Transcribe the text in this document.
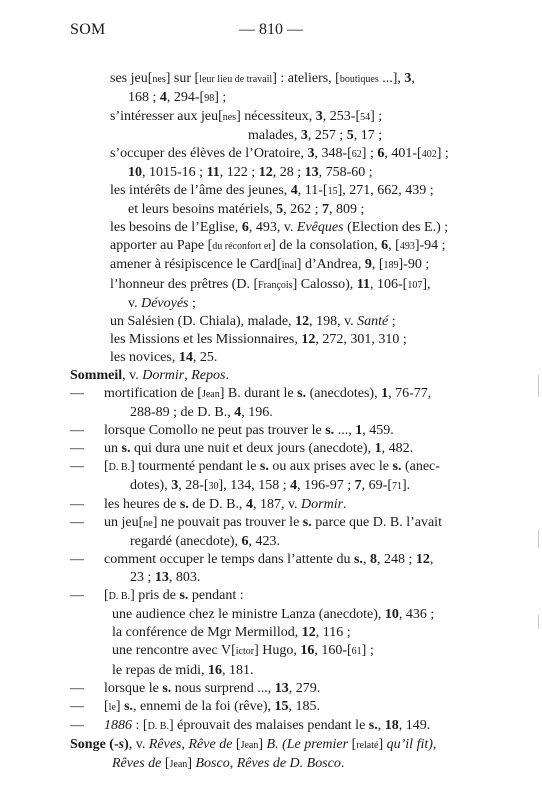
SOM	— 810 —
ses jeu[nes] sur [leur lieu de travail] : ateliers, [boutiques ...], 3,
168 ; 4, 294-[98] ;
s’intéresser aux jeu[nes] nécessiteux, 3, 253-[54] ;
malades, 3, 257 ; 5, 17 ;
s’occuper des élèves de l’Oratoire, 3, 348-[62] ; 6, 401-[402] ;
10, 1015-16 ; 11, 122 ; 12, 28 ; 13, 758-60 ;
les intérêts de l’âme des jeunes, 4, 11-[15], 271, 662, 439 ;
et leurs besoins matériels, 5, 262 ; 7, 809 ;
les besoins de l’Eglise, 6, 493, v. Evêques (Election des E.) ;
apporter au Pape [du réconfort et] de la consolation, 6, [493]-94 ;
amener à résipiscence le Card[inal] d’Andrea, 9, [189]-90 ;
l’honneur des prêtres (D. [François] Calosso), 11, 106-[107],
v. Dévoyés ;
un Salésien (D. Chiala), malade, 12, 198, v. Santé ;
les Missions et les Missionnaires, 12, 272, 301, 310 ;
les novices, 14, 25.
Sommeil, v. Dormir, Repos.
— mortification de [Jean] B. durant le s. (anecdotes), 1, 76-77,
288-89 ; de D. B., 4, 196.
— lorsque Comollo ne peut pas trouver le s. ..., 1, 459.
— un s. qui dura une nuit et deux jours (anecdote), 1, 482.
— [D. B.] tourmenté pendant le s. ou aux prises avec le s. (anec-
dotes), 3, 28-[30], 134, 158 ; 4, 196-97 ; 7, 69-[71].
— les heures de s. de D. B., 4, 187, v. Dormir.
— un jeu[ne] ne pouvait pas trouver le s. parce que D. B. l’avait
regardé (anecdote), 6, 423.
— comment occuper le temps dans l’attente du s., 8, 248 ; 12,
23 ; 13, 803.
— [D. B.] pris de s. pendant :
une audience chez le ministre Lanza (anecdote), 10, 436 ;
la conférence de Mgr Mermillod, 12, 116 ;
une rencontre avec V[ictor] Hugo, 16, 160-[61] ;
le repas de midi, 16, 181.
— lorsque le s. nous surprend ..., 13, 279.
— [le] s., ennemi de la foi (rêve), 15, 185.
— 1886 : [D. B.] éprouvait des malaises pendant le s., 18, 149.
Songe (-s), v. Rêves, Rêve de [Jean] B. (Le premier [relaté] qu’il fit),
Rêves de [Jean] Bosco, Rêves de D. Bosco.
